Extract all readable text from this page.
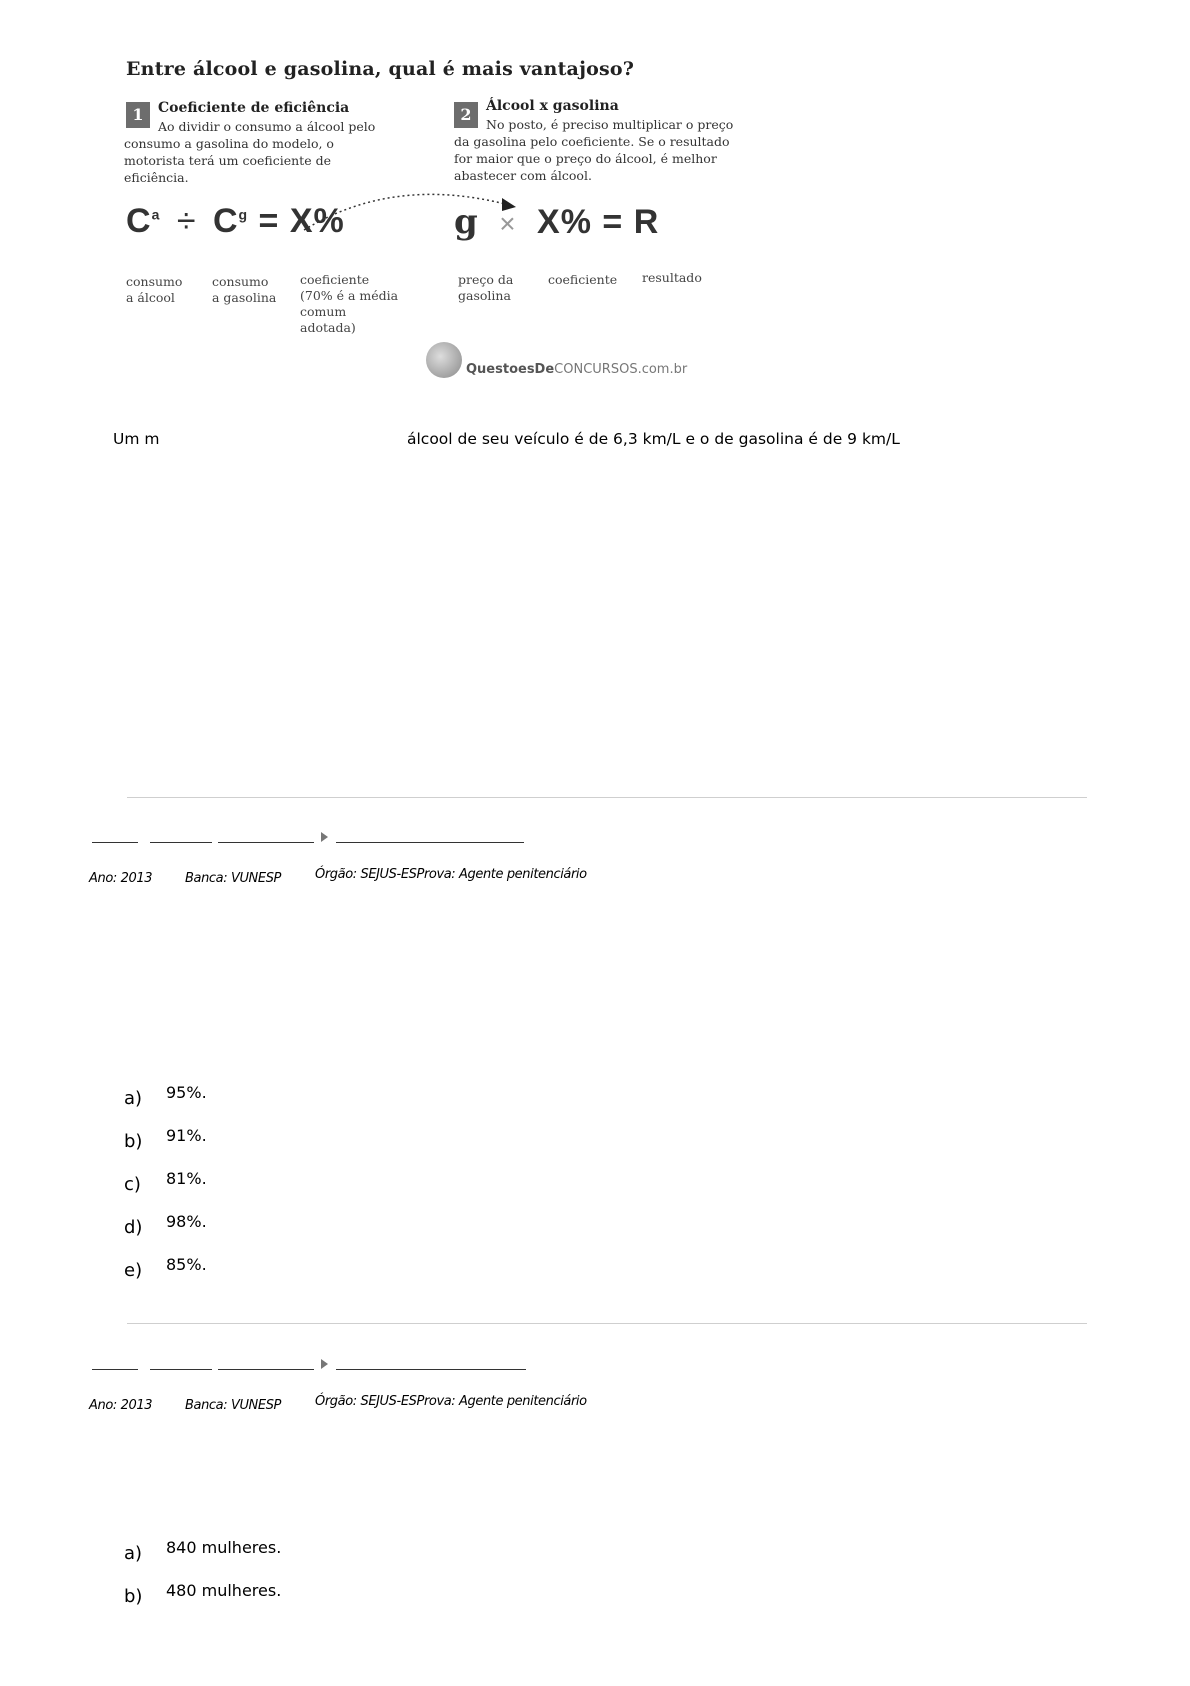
Entre álcool e gasolina, qual é mais vantajoso?
1	Coeficiente de eficiência
Ao dividir o consumo a álcool pelo consumo a gasolina do modelo, o motorista terá um coeficiente de eficiência.
2	Álcool x gasolina
No posto, é preciso multiplicar o preço da gasolina pelo coeficiente. Se o resultado for maior que o preço do álcool, é melhor abastecer com álcool.
$C^a \div C^g = X\%$	g × X% = R
consumo a álcool
consumo a gasolina
coeficiente (70% é a média comum adotada)
preço da gasolina
coeficiente resultado
QuestoesDeCONCURSOS.com.br
Um m	álcool de seu veículo é de 6,3 km/L e o de gasolina é de 9 km/L
Ano: 2013	Banca: VUNESP	Órgão: SEJUS-ESProva: Agente penitenciário
a) 95%.
b) 91%.
c) 81%.
d) 98%.
e) 85%.
Ano: 2013	Banca: VUNESP	Órgão: SEJUS-ESProva: Agente penitenciário
a) 840 mulheres.
b) 480 mulheres.
